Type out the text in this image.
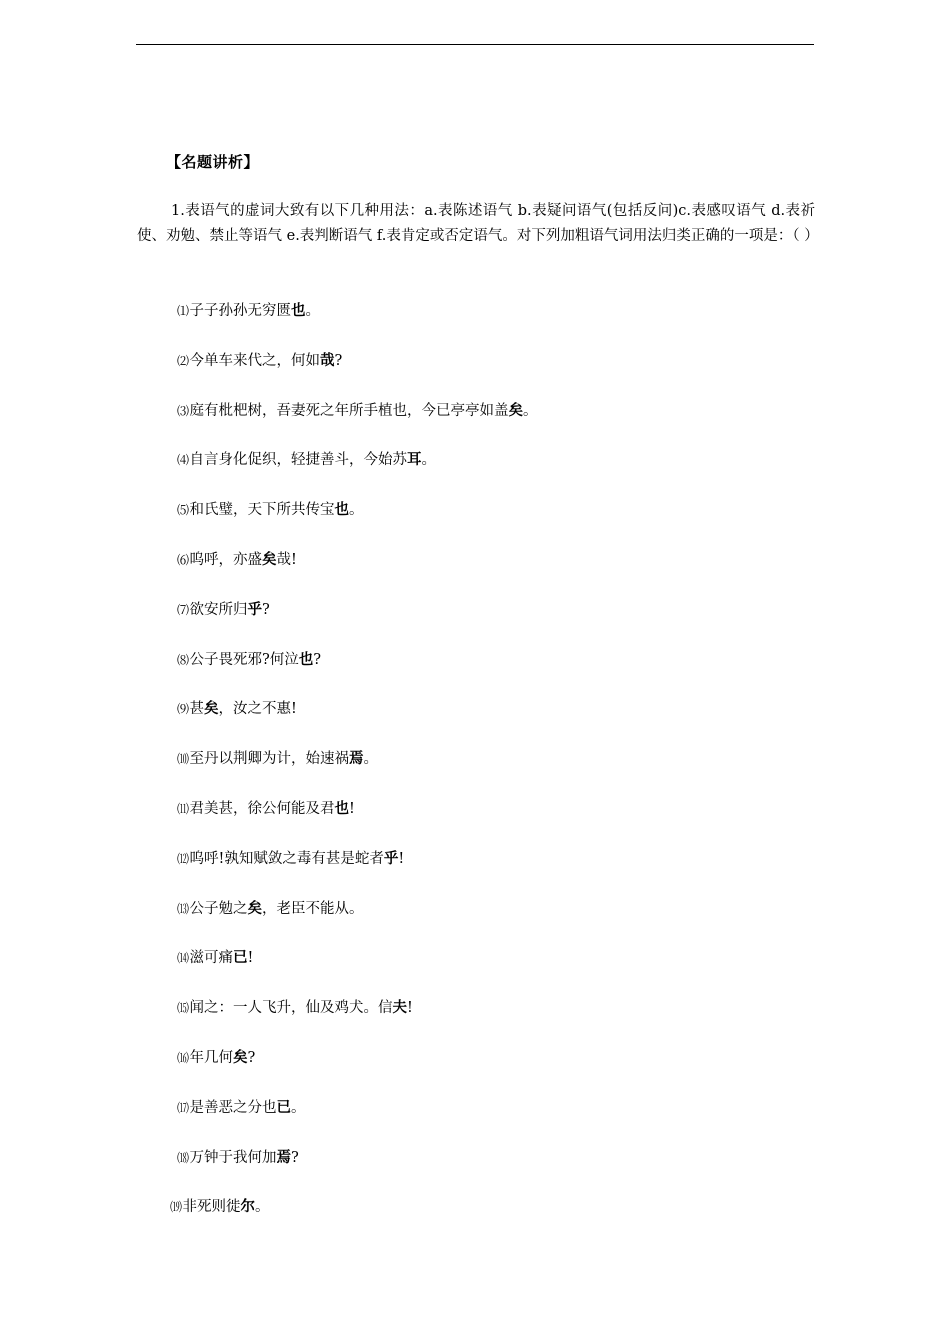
【名题讲析】
1.表语气的虚词大致有以下几种用法：a.表陈述语气 b.表疑问语气(包括反问)c.表感叹语气 d.表祈使、劝勉、禁止等语气 e.表判断语气 f.表肯定或否定语气。对下列加粗语气词用法归类正确的一项是：（ ）
⑴子子孙孙无穷匮也。
⑵今单车来代之，何如哉?
⑶庭有枇杷树，吾妻死之年所手植也，今已亭亭如盖矣。
⑷自言身化促织，轻捷善斗，今始苏耳。
⑸和氏璧，天下所共传宝也。
⑹呜呼，亦盛矣哉!
⑺欲安所归乎?
⑻公子畏死邪?何泣也?
⑼甚矣，汝之不惠!
⑽至丹以荆卿为计，始速祸焉。
⑾君美甚，徐公何能及君也!
⑿呜呼!孰知赋敛之毒有甚是蛇者乎!
⒀公子勉之矣，老臣不能从。
⒁滋可痛已!
⒂闻之：一人飞升，仙及鸡犬。信夫!
⒃年几何矣?
⒄是善恶之分也已。
⒅万钟于我何加焉?
⒆非死则徙尔。
